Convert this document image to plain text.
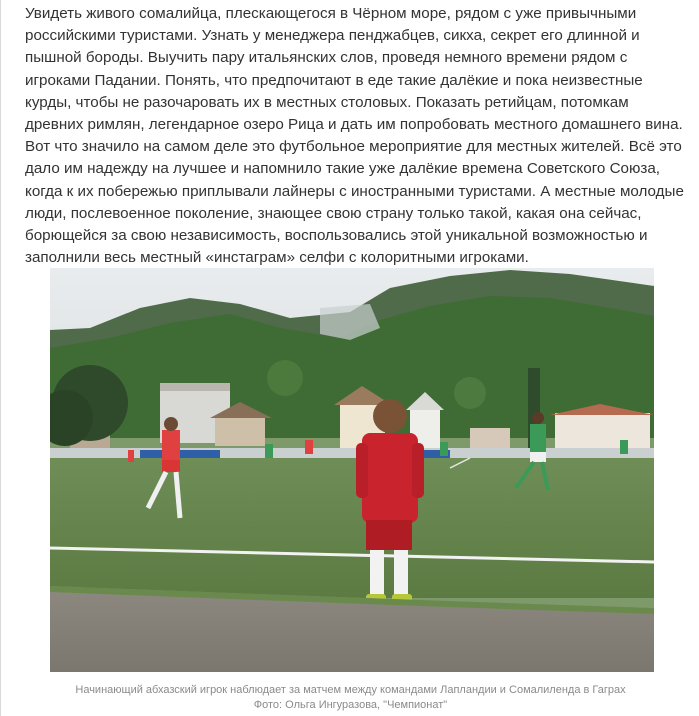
Увидеть живого сомалийца, плескающегося в Чёрном море, рядом с уже привычными российскими туристами. Узнать у менеджера пенджабцев, сикха, секрет его длинной и пышной бороды. Выучить пару итальянских слов, проведя немного времени рядом с игроками Падании. Понять, что предпочитают в еде такие далёкие и пока неизвестные курды, чтобы не разочаровать их в местных столовых. Показать ретийцам, потомкам древних римлян, легендарное озеро Рица и дать им попробовать местного домашнего вина. Вот что значило на самом деле это футбольное мероприятие для местных жителей. Всё это дало им надежду на лучшее и напомнило такие уже далёкие времена Советского Союза, когда к их побережью приплывали лайнеры с иностранными туристами. А местные молодые люди, послевоенное поколение, знающее свою страну только такой, какая она сейчас, борющейся за свою независимость, воспользовались этой уникальной возможностью и заполнили весь местный «инстаграм» селфи с колоритными игроками.

Начинающий абхазский игрок наблюдает за матчем между командами Лапландии и Сомалиленда в Гаграх
Фото: Ольга Ингуразова, "Чемпионат"
